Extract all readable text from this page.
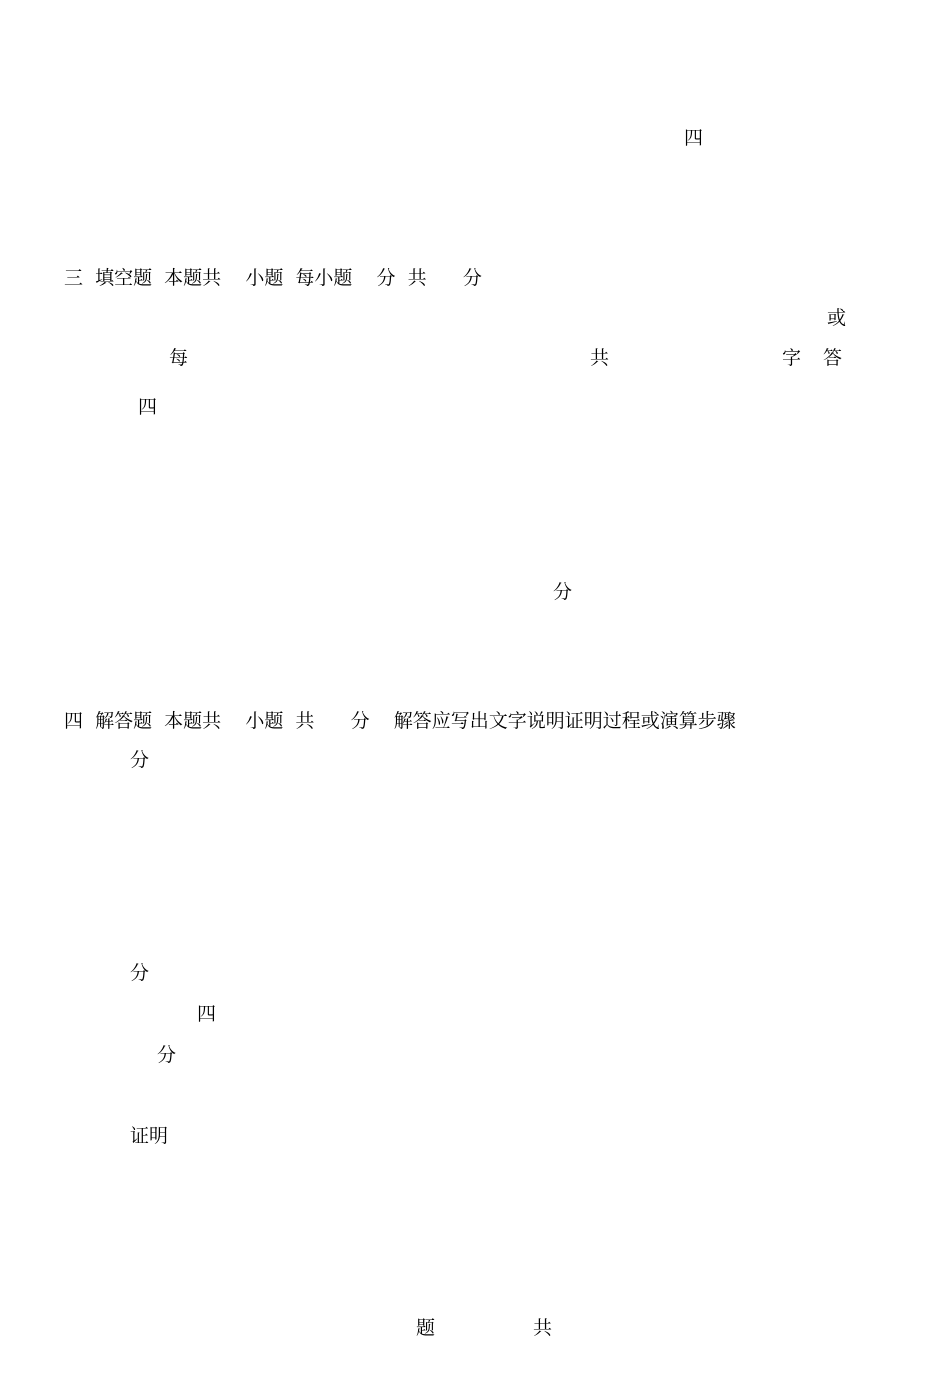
四
三  填空题  本题共    小题  每小题    分  共      分
或
每	共	字 答
四
分
四  解答题  本题共    小题  共      分    解答应写出文字说明证明过程或演算步骤
分
分
四
分
证明
题	共
